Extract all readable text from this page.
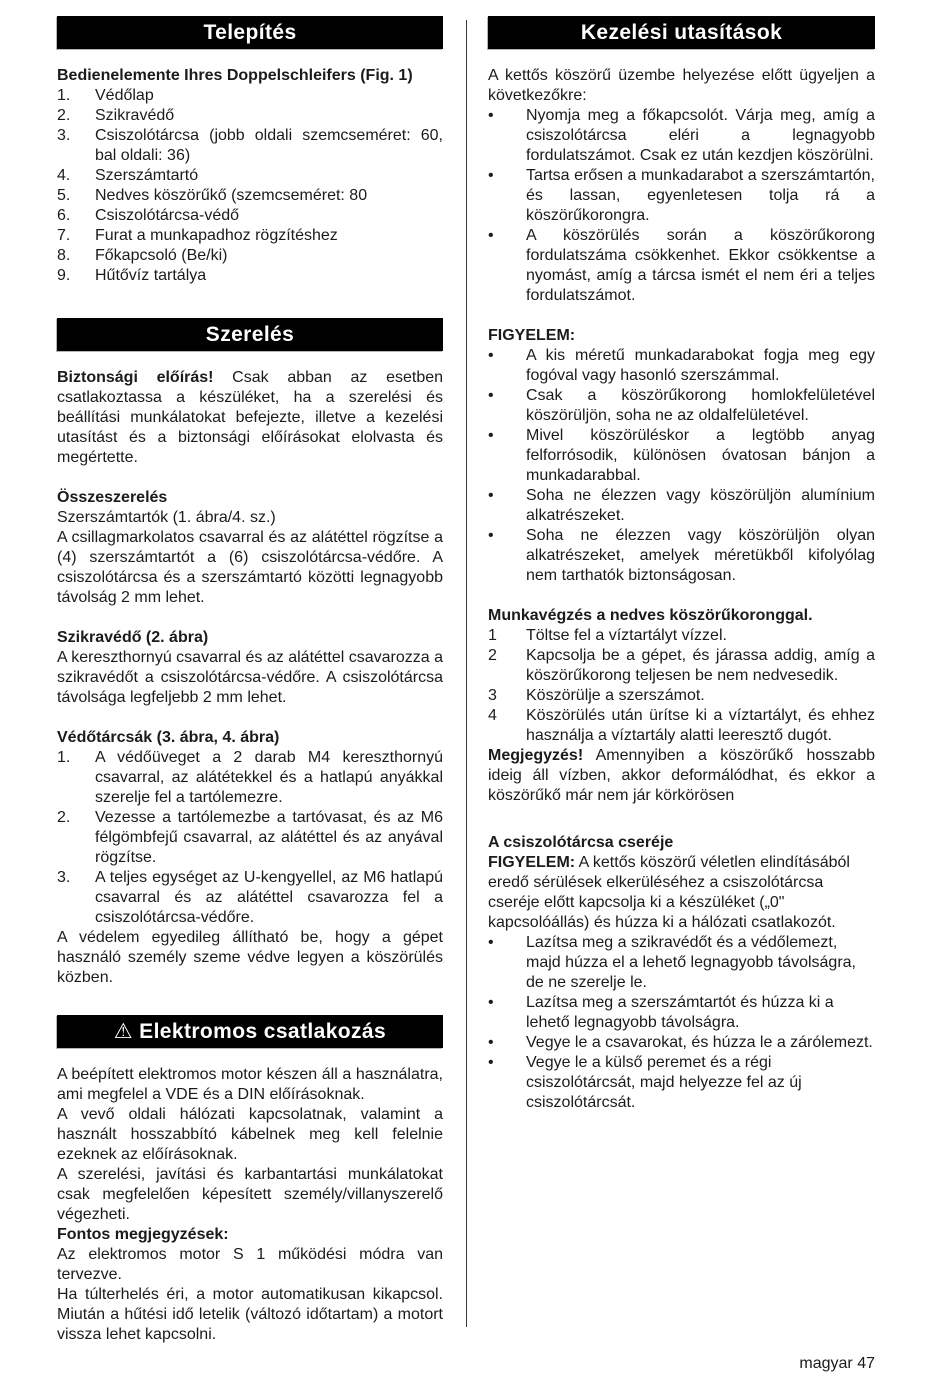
Telepítés

Bedienelemente Ihres Doppelschleifers (Fig. 1)

1.	Védőlap
2.	Szikravédő
3.	Csiszolótárcsa (jobb oldali szemcseméret: 60, bal oldali: 36)
4.	Szerszámtartó
5.	Nedves köszörűkő (szemcseméret: 80
6.	Csiszolótárcsa-védő
7.	Furat a munkapadhoz rögzítéshez
8.	Főkapcsoló (Be/ki)
9.	Hűtővíz tartálya
Szerelés

Biztonsági előírás! Csak abban az esetben csatlakoztassa a készüléket, ha a szerelési és beállítási munkálatokat befejezte, illetve a kezelési utasítást és a biztonsági előírásokat elolvasta és megértette.

Összeszerelés

Szerszámtartók (1. ábra/4. sz.)

A csillagmarkolatos csavarral és az alátéttel rögzítse a (4) szerszámtartót a (6) csiszolótárcsa-védőre. A csiszolótárcsa és a szerszámtartó közötti legnagyobb távolság 2 mm lehet.

Szikravédő (2. ábra)

A kereszthornyú csavarral és az alátéttel csavarozza a szikravédőt a csiszolótárcsa-védőre. A csiszolótárcsa távolsága legfeljebb 2 mm lehet.

Védőtárcsák (3. ábra, 4. ábra)

1.	A védőüveget a 2 darab M4 kereszthornyú csavarral, az alátétekkel és a hatlapú anyákkal szerelje fel a tartólemezre.
2.	Vezesse a tartólemezbe a tartóvasat, és az M6 félgömbfejű csavarral, az alátéttel és az anyával rögzítse.
3.	A teljes egységet az U-kengyellel, az M6 hatlapú csavarral és az alátéttel csavarozza fel a csiszolótárcsa-védőre.

A védelem egyedileg állítható be, hogy a gépet használó személy szeme védve legyen a köszörülés közben.

⚠ Elektromos csatlakozás

A beépített elektromos motor készen áll a használatra, ami megfelel a VDE és a DIN előírásoknak.

A vevő oldali hálózati kapcsolatnak, valamint a használt hosszabbító kábelnek meg kell felelnie ezeknek az előírásoknak.

A szerelési, javítási és karbantartási munkálatokat csak megfelelően képesített személy/villanyszerelő végezheti.

Fontos megjegyzések:

Az elektromos motor S 1 működési módra van tervezve.

Ha túlterhelés éri, a motor automatikusan kikapcsol. Miután a hűtési idő letelik (változó időtartam) a motort vissza lehet kapcsolni.

Kezelési utasítások

A kettős köszörű üzembe helyezése előtt ügyeljen a következőkre:

•	Nyomja meg a főkapcsolót. Várja meg, amíg a csiszolótárcsa eléri a legnagyobb fordulatszámot. Csak ez után kezdjen köszörülni.
•	Tartsa erősen a munkadarabot a szerszámtartón, és lassan, egyenletesen tolja rá a köszörűkorongra.
•	A köszörülés során a köszörűkorong fordulatszáma csökkenhet. Ekkor csökkentse a nyomást, amíg a tárcsa ismét el nem éri a teljes fordulatszámot.

FIGYELEM:

•	A kis méretű munkadarabokat fogja meg egy fogóval vagy hasonló szerszámmal.
•	Csak a köszörűkorong homlokfelületével köszörüljön, soha ne az oldalfelületével.
•	Mivel köszörüléskor a legtöbb anyag felforrósodik, különösen óvatosan bánjon a munkadarabbal.
•	Soha ne élezzen vagy köszörüljön alumínium alkatrészeket.
•	Soha ne élezzen vagy köszörüljön olyan alkatrészeket, amelyek méretükből kifolyólag nem tarthatók biztonságosan.

Munkavégzés a nedves köszörűkoronggal.

1	Töltse fel a víztartályt vízzel.
2	Kapcsolja be a gépet, és járassa addig, amíg a köszörűkorong teljesen be nem nedvesedik.
3	Köszörülje a szerszámot.
4	Köszörülés után ürítse ki a víztartályt, és ehhez használja a víztartály alatti leeresztő dugót.

Megjegyzés! Amennyiben a köszörűkő hosszabb ideig áll vízben, akkor deformálódhat, és ekkor a köszörűkő már nem jár körkörösen

A csiszolótárcsa cseréje

FIGYELEM: A kettős köszörű véletlen elindításából eredő sérülések elkerüléséhez a csiszolótárcsa cseréje előtt kapcsolja ki a készüléket („0" kapcsolóállás) és húzza ki a hálózati csatlakozót.

•	Lazítsa meg a szikravédőt és a védőlemezt, majd húzza el a lehető legnagyobb távolságra, de ne szerelje le.
•	Lazítsa meg a szerszámtartót és húzza ki a lehető legnagyobb távolságra.
•	Vegye le a csavarokat, és húzza le a zárólemezt.
•	Vegye le a külső peremet és a régi csiszolótárcsát, majd helyezze fel az új csiszolótárcsát.
magyar 47
